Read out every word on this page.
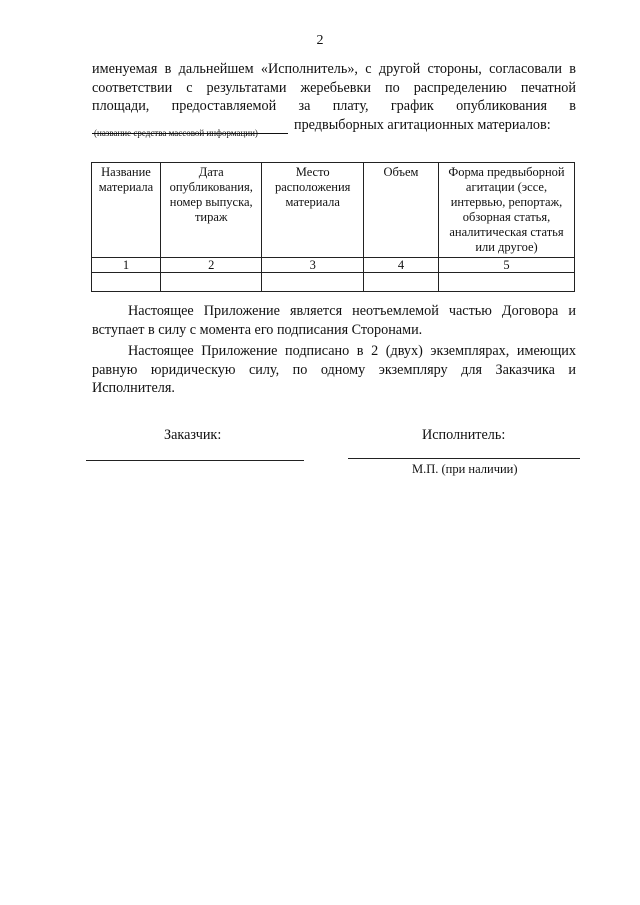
2
именуемая в дальнейшем «Исполнитель», с другой стороны, согласовали в
соответствии с результатами жеребьевки по распределению печатной
площади, предоставляемой за плату, график опубликования в
предвыборных агитационных материалов:
(название средства массовой информации)
Название материала	Дата опубликования, номер выпуска, тираж	Место расположения материала	Объем	Форма предвыборной агитации (эссе, интервью, репортаж, обзорная статья, аналитическая статья или другое)
1	2	3	4	5

Настоящее Приложение является неотъемлемой частью Договора и
вступает в силу с момента его подписания Сторонами.
Настоящее Приложение подписано в 2 (двух) экземплярах, имеющих
равную юридическую силу, по одному экземпляру для Заказчика и
Исполнителя.
Заказчик:	Исполнитель:
М.П. (при наличии)
